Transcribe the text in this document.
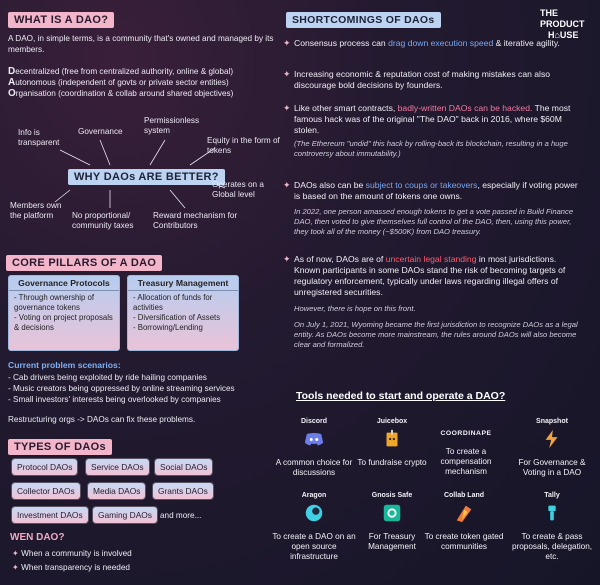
WHAT IS A DAO?
A DAO, in simple terms, is a community that's owned and managed by its members.
Decentralized (free from centralized authority, online & global)
Autonomous (independent of govts or private sector entities)
Organisation (coordination & collab around shared objectives)
Info is transparent
Governance
Permissionless system
Equity in the form of tokens
WHY DAOs ARE BETTER?
Operates on a Global level
Members own the platform	No proportional/ community taxes
Reward mechanism for Contributors
CORE PILLARS OF A DAO
Governance Protocols
- Through ownership of governance tokens
- Voting on project proposals & decisions
Treasury Management
- Allocation of funds for activities
- Diversification of Assets
- Borrowing/Lending
Current problem scenarios:
- Cab drivers being exploited by ride hailing companies
- Music creators being oppressed by online streaming services
- Small investors' interests being overlooked by companies
Restructuring orgs -> DAOs can fix these problems.
TYPES OF DAOs
Protocol DAOs	Service DAOs	Social DAOs
Collector DAOs	Media DAOs	Grants DAOs
Investment DAOs	Gaming DAOs and more...
WEN DAO?
✦ When a community is involved
✦ When transparency is needed
SHORTCOMINGS OF DAOs
THE PRODUCT
H⌂USE
✦ Consensus process can drag down execution speed & iterative agility.
✦ Increasing economic & reputation cost of making mistakes can also discourage bold decisions by founders.
✦ Like other smart contracts, badly-written DAOs can be hacked. The most famous hack was of the original "The DAO" back in 2016, where $60M stolen.
(The Ethereum "undid" this hack by rolling-back its blockchain, resulting in a huge controversy about immutability.)
✦ DAOs also can be subject to coups or takeovers, especially if voting power is based on the amount of tokens one owns.
In 2022, one person amassed enough tokens to get a vote passed in Build Finance DAO, then voted to give themselves full control of the DAO, then, using this power, they took all of the money (~$500K) from DAO treasury.
✦ As of now, DAOs are of uncertain legal standing in most jurisdictions. Known participants in some DAOs stand the risk of becoming targets of regulatory enforcement, typically under laws regarding illegal offers of unregistered securities.
However, there is hope on this front.
On July 1, 2021, Wyoming became the first jurisdiction to recognize DAOs as a legal entity. As DAOs become more mainstream, the rules around DAOs will also become clear and formalized.
Tools needed to start and operate a DAO?
Discord
A common choice for discussions
Juicebox
To fundraise crypto
COORDINAPE
To create a compensation mechanism
Snapshot
For Governance & Voting in a DAO
Aragon
To create a DAO on an open source infrastructure
Gnosis Safe
For Treasury Management
Collab Land
To create token gated communities
Tally
To create & pass proposals, delegation, etc.
